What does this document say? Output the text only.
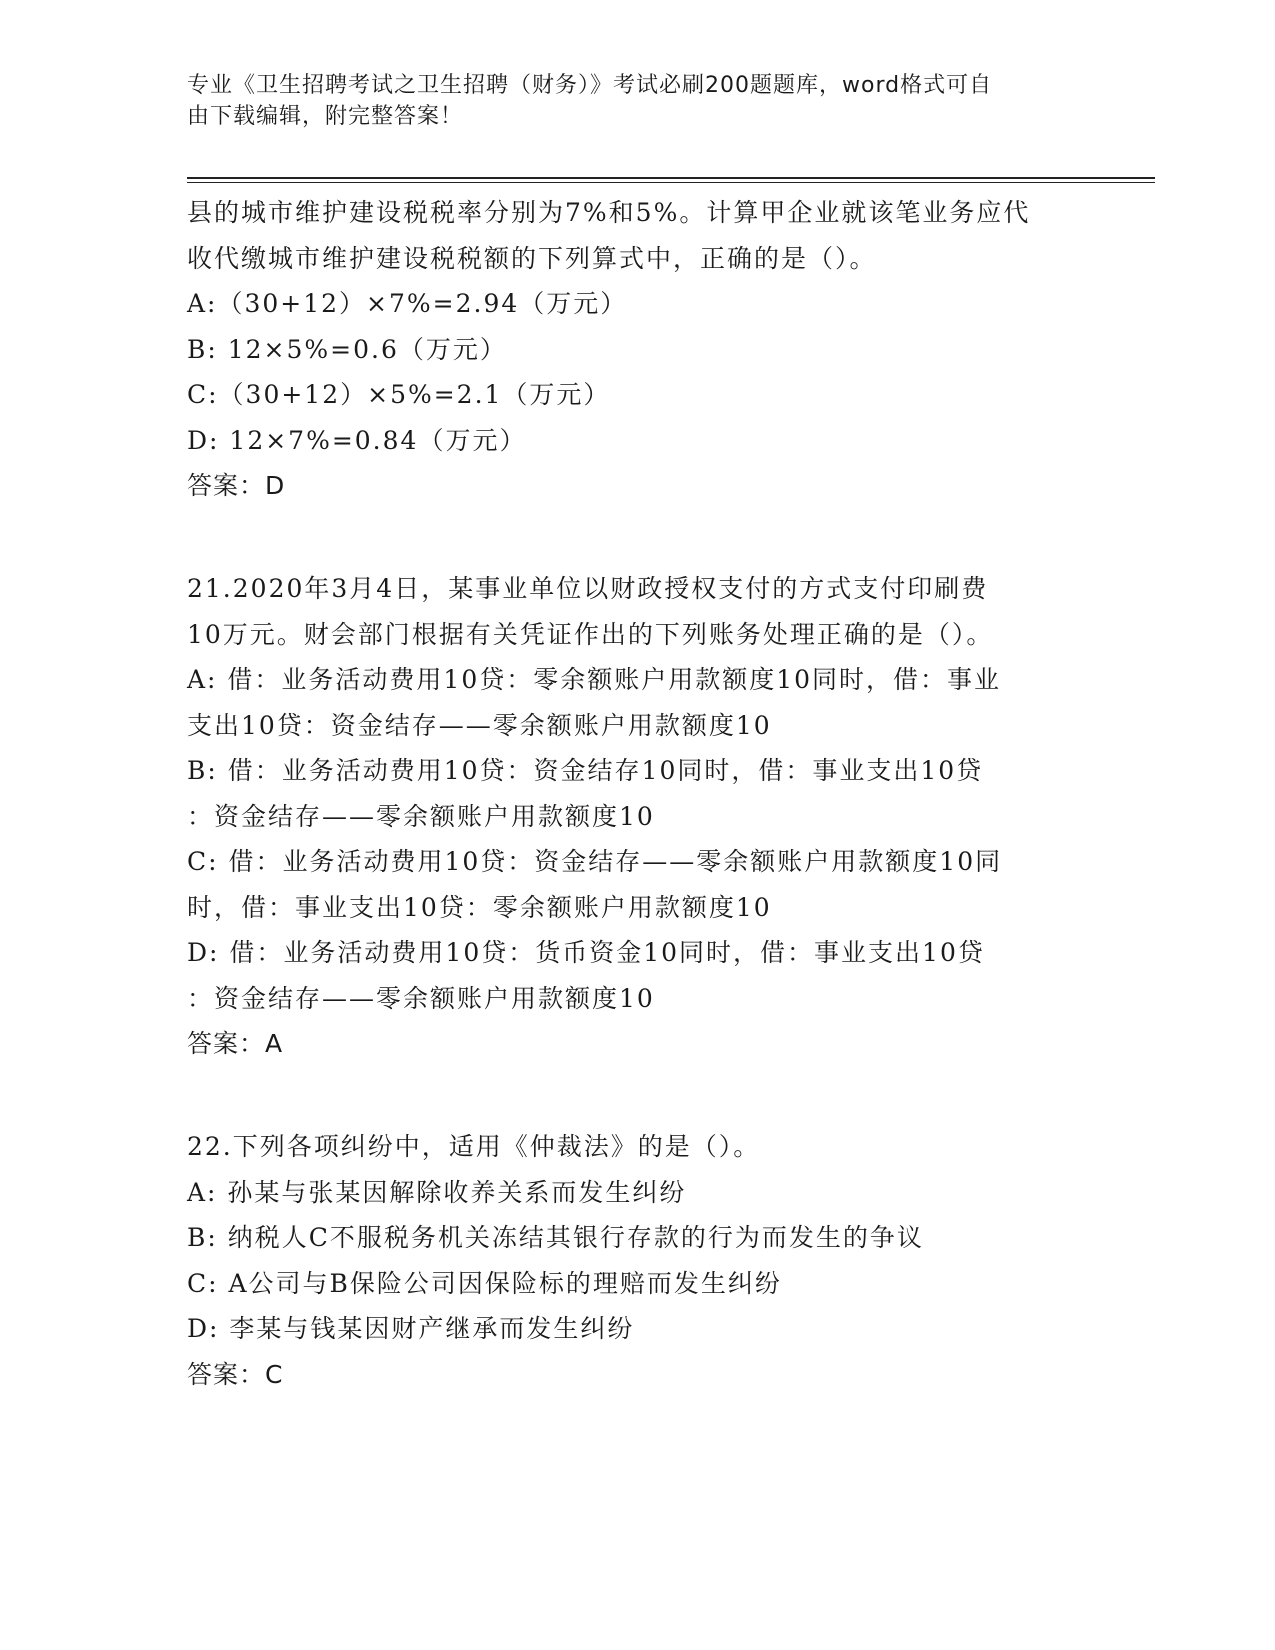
专业《卫生招聘考试之卫生招聘（财务）》考试必刷200题题库，word格式可自
由下载编辑，附完整答案！
县的城市维护建设税税率分别为7%和5%。计算甲企业就该笔业务应代
收代缴城市维护建设税税额的下列算式中，正确的是（）。
A:（30+12）×7%=2.94（万元）
B: 12×5%=0.6（万元）
C:（30+12）×5%=2.1（万元）
D: 12×7%=0.84（万元）
答案：D
21.2020年3月4日，某事业单位以财政授权支付的方式支付印刷费
10万元。财会部门根据有关凭证作出的下列账务处理正确的是（）。
A: 借：业务活动费用10贷：零余额账户用款额度10同时，借：事业
支出10贷：资金结存——零余额账户用款额度10
B: 借：业务活动费用10贷：资金结存10同时，借：事业支出10贷
：资金结存——零余额账户用款额度10
C: 借：业务活动费用10贷：资金结存——零余额账户用款额度10同
时，借：事业支出10贷：零余额账户用款额度10
D: 借：业务活动费用10贷：货币资金10同时，借：事业支出10贷
：资金结存——零余额账户用款额度10
答案：A
22.下列各项纠纷中，适用《仲裁法》的是（）。
A: 孙某与张某因解除收养关系而发生纠纷
B: 纳税人C不服税务机关冻结其银行存款的行为而发生的争议
C: A公司与B保险公司因保险标的理赔而发生纠纷
D: 李某与钱某因财产继承而发生纠纷
答案：C
